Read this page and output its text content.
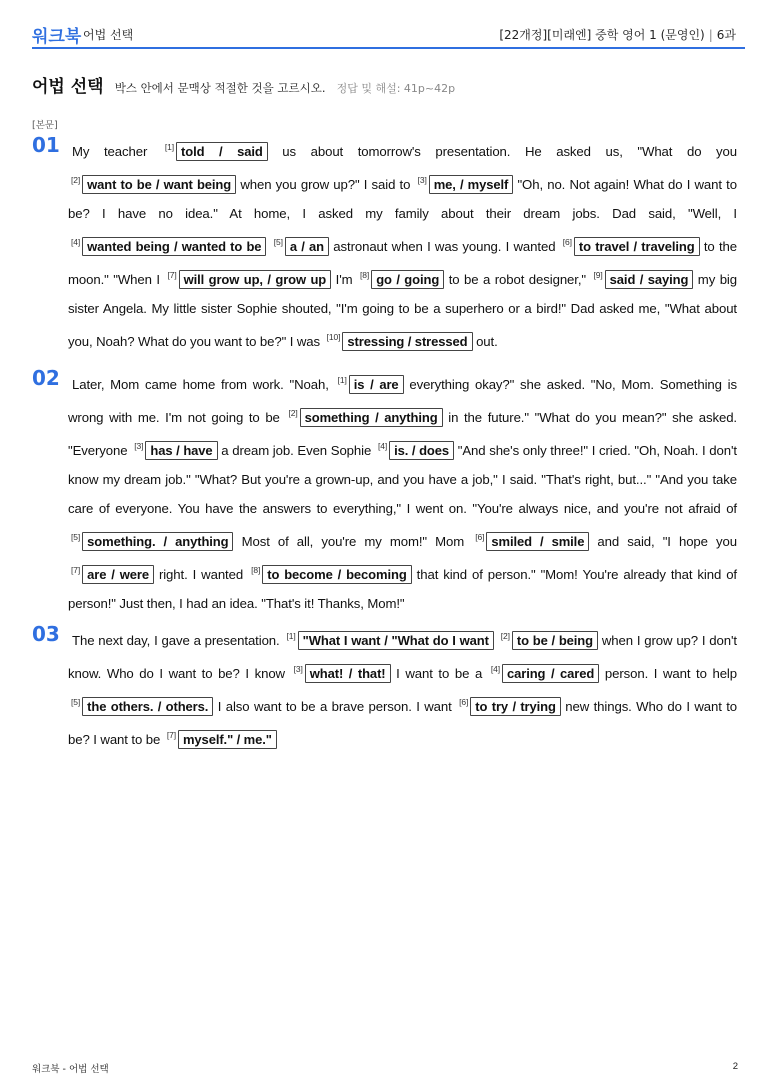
워크북 어법 선택	[22개정][미래엔] 중학 영어 1 (문영인) | 6과
어법 선택 박스 안에서 문맥상 적절한 것을 고르시오. 정답 및 해설: 41p~42p
[본문]
01 My teacher [1] told / said us about tomorrow's presentation. He asked us, "What do you [2] want to be / want being when you grow up?" I said to [3] me, / myself "Oh, no. Not again! What do I want to be? I have no idea." At home, I asked my family about their dream jobs. Dad said, "Well, I [4] wanted being / wanted to be [5] a / an astronaut when I was young. I wanted [6] to travel / traveling to the moon." "When I [7] will grow up, / grow up I'm [8] go / going to be a robot designer," [9] said / saying my big sister Angela. My little sister Sophie shouted, "I'm going to be a superhero or a bird!" Dad asked me, "What about you, Noah? What do you want to be?" I was [10] stressing / stressed out.
02 Later, Mom came home from work. "Noah, [1] is / are everything okay?" she asked. "No, Mom. Something is wrong with me. I'm not going to be [2] something / anything in the future." "What do you mean?" she asked. "Everyone [3] has / have a dream job. Even Sophie [4] is. / does "And she's only three!" I cried. "Oh, Noah. I don't know my dream job." "What? But you're a grown-up, and you have a job," I said. "That's right, but..." "And you take care of everyone. You have the answers to everything," I went on. "You're always nice, and you're not afraid of [5] something. / anything Most of all, you're my mom!" Mom [6] smiled / smile and said, "I hope you [7] are / were right. I wanted [8] to become / becoming that kind of person." "Mom! You're already that kind of person!" Just then, I had an idea. "That's it! Thanks, Mom!"
03 The next day, I gave a presentation. [1] "What I want / "What do I want [2] to be / being when I grow up? I don't know. Who do I want to be? I know [3] what! / that! I want to be a [4] caring / cared person. I want to help [5] the others. / others. I also want to be a brave person. I want [6] to try / trying new things. Who do I want to be? I want to be [7] myself." / me."
워크북 - 어법 선택	2
